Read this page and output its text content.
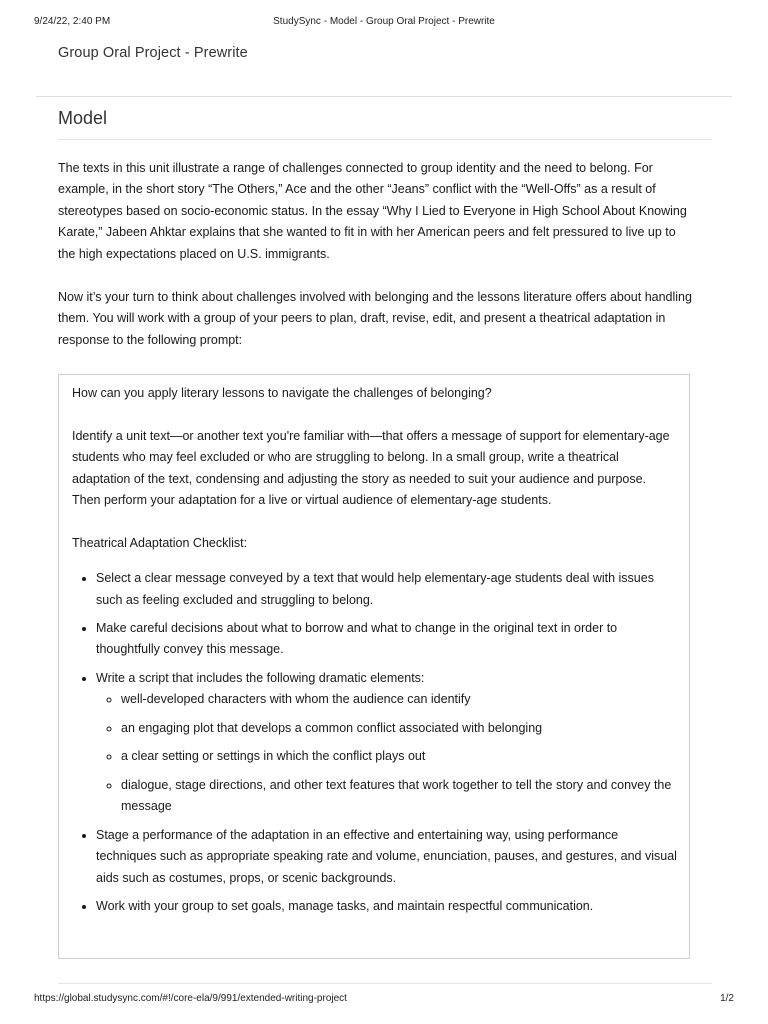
9/24/22, 2:40 PM	StudySync - Model - Group Oral Project - Prewrite
Group Oral Project - Prewrite
Model

The texts in this unit illustrate a range of challenges connected to group identity and the need to belong. For example, in the short story “The Others,” Ace and the other “Jeans” conflict with the “Well-Offs” as a result of stereotypes based on socio-economic status. In the essay “Why I Lied to Everyone in High School About Knowing Karate,” Jabeen Ahktar explains that she wanted to fit in with her American peers and felt pressured to live up to the high expectations placed on U.S. immigrants.

Now it’s your turn to think about challenges involved with belonging and the lessons literature offers about handling them. You will work with a group of your peers to plan, draft, revise, edit, and present a theatrical adaptation in response to the following prompt:

How can you apply literary lessons to navigate the challenges of belonging?

Identify a unit text—or another text you're familiar with—that offers a message of support for elementary-age students who may feel excluded or who are struggling to belong. In a small group, write a theatrical adaptation of the text, condensing and adjusting the story as needed to suit your audience and purpose. Then perform your adaptation for a live or virtual audience of elementary-age students.

Theatrical Adaptation Checklist:

• Select a clear message conveyed by a text that would help elementary-age students deal with issues such as feeling excluded and struggling to belong.
• Make careful decisions about what to borrow and what to change in the original text in order to thoughtfully convey this message.
• Write a script that includes the following dramatic elements:
◦ well-developed characters with whom the audience can identify
◦ an engaging plot that develops a common conflict associated with belonging
◦ a clear setting or settings in which the conflict plays out
◦ dialogue, stage directions, and other text features that work together to tell the story and convey the message
• Stage a performance of the adaptation in an effective and entertaining way, using performance techniques such as appropriate speaking rate and volume, enunciation, pauses, and gestures, and visual aids such as costumes, props, or scenic backgrounds.
• Work with your group to set goals, manage tasks, and maintain respectful communication.
https://global.studysync.com/#!/core-ela/9/991/extended-writing-project	1/2
